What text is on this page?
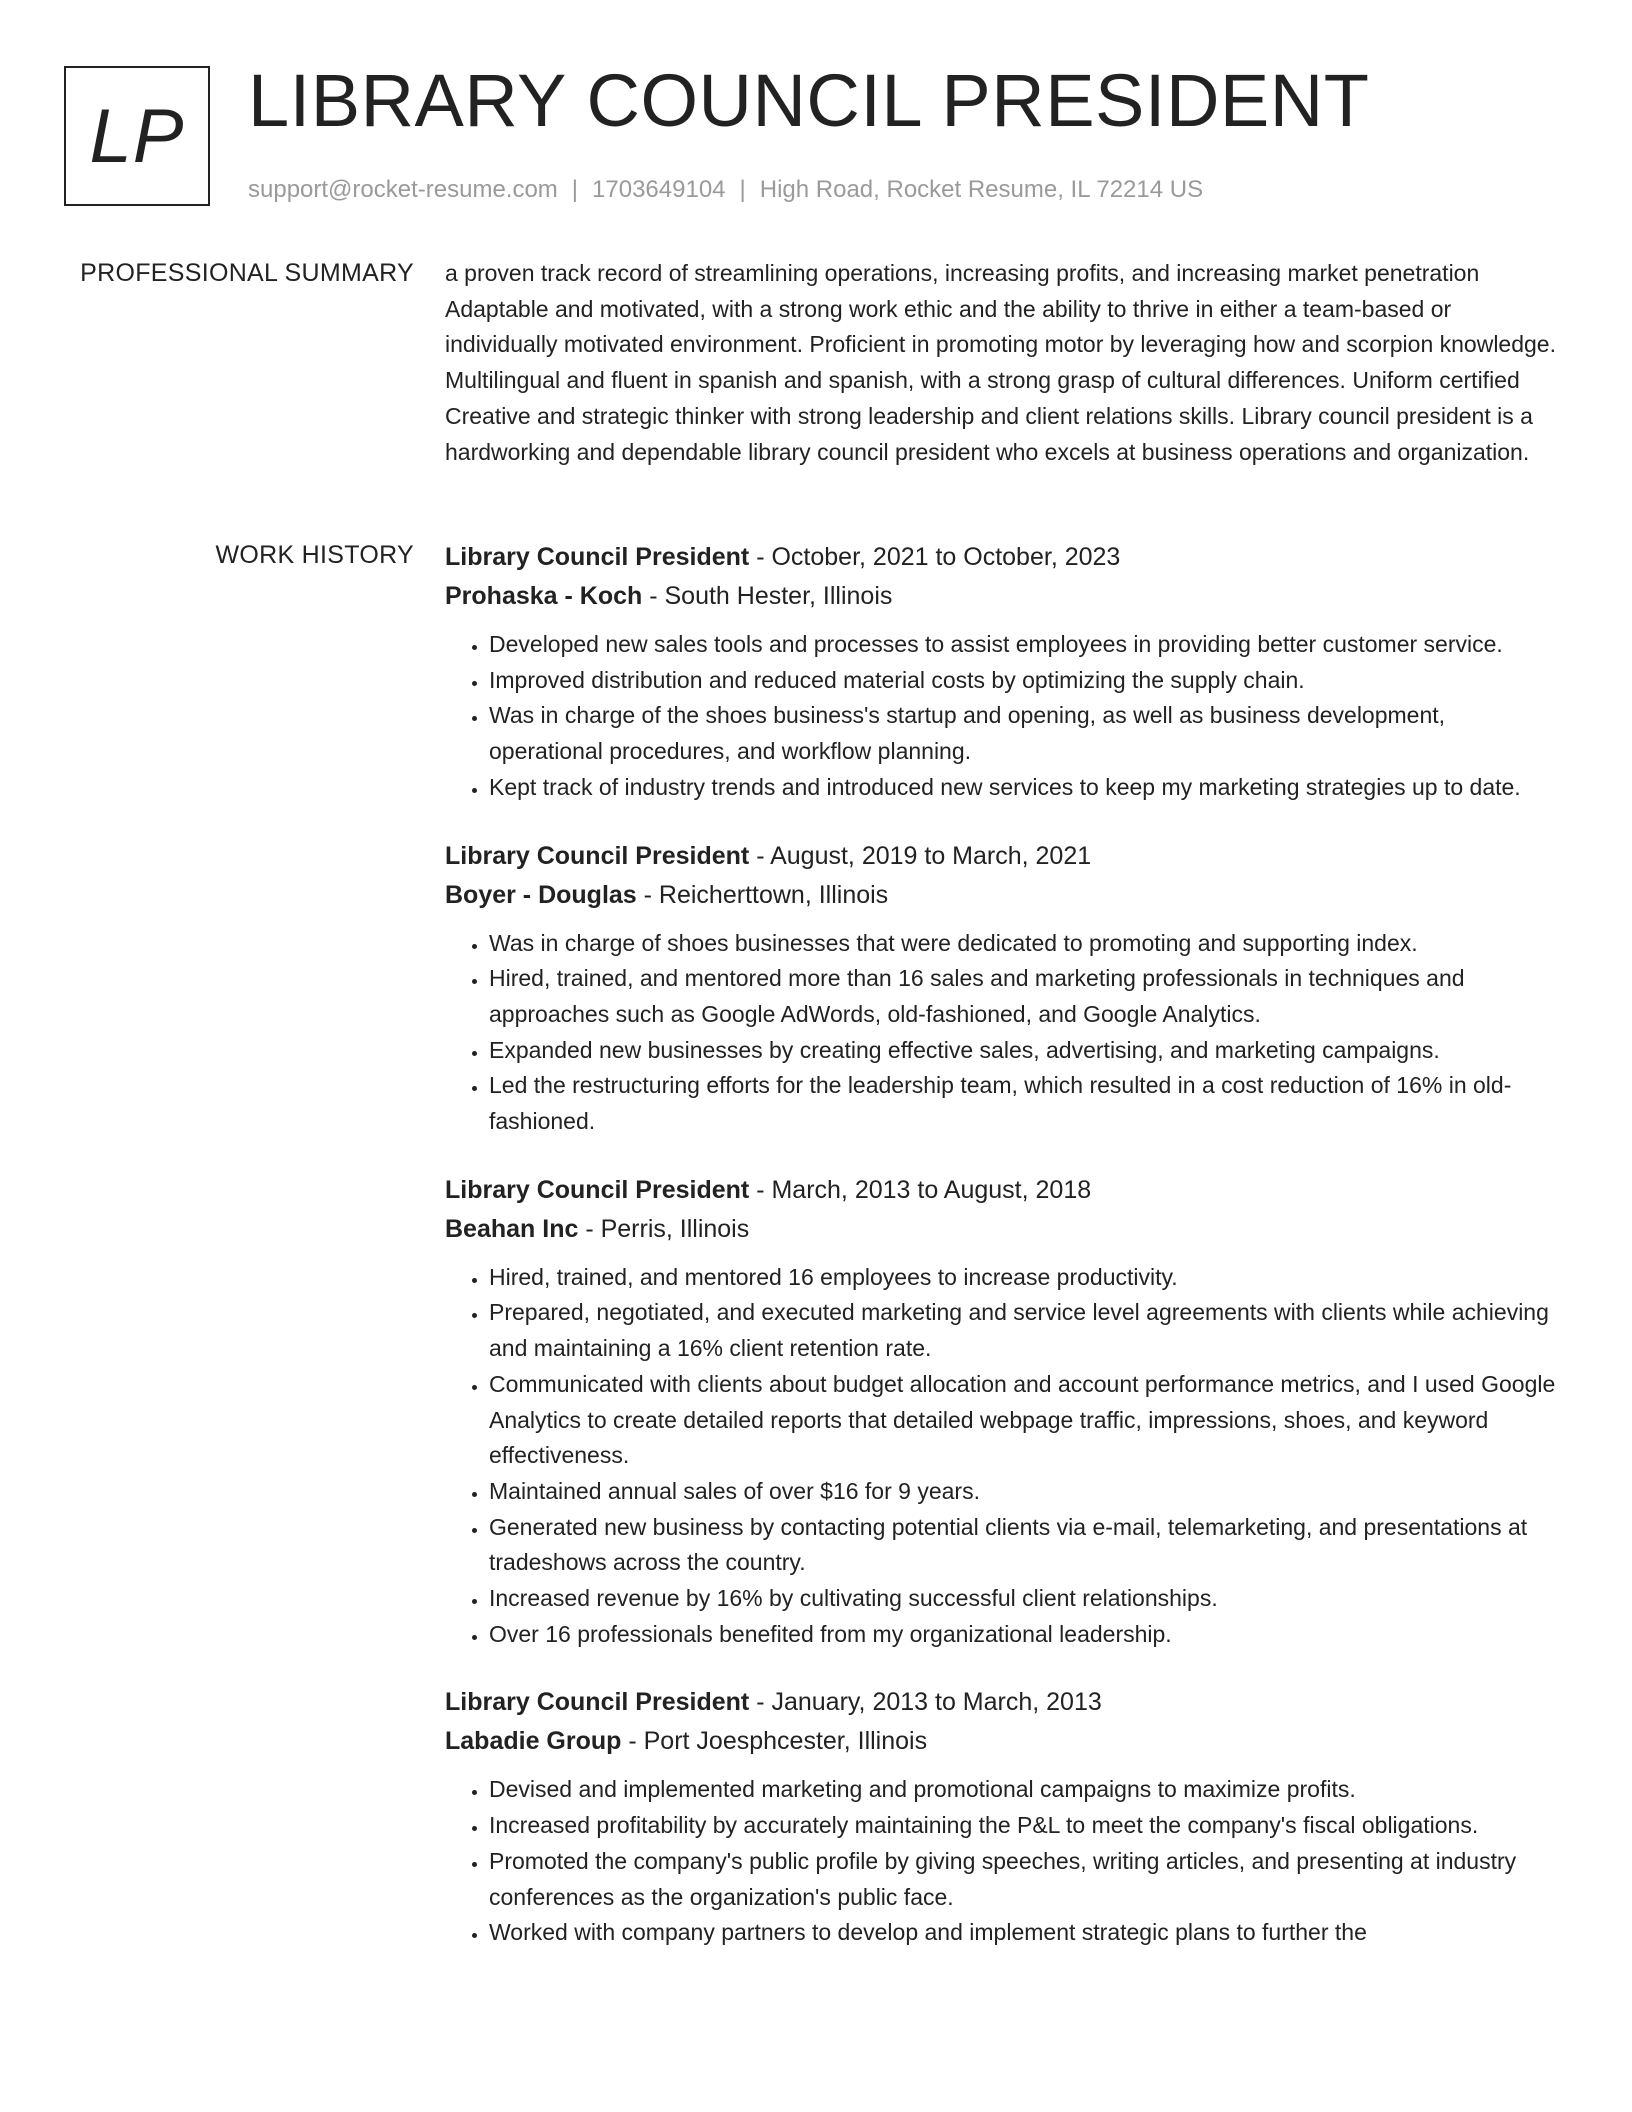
LP LIBRARY COUNCIL PRESIDENT
support@rocket-resume.com | 1703649104 | High Road, Rocket Resume, IL 72214 US
PROFESSIONAL SUMMARY a proven track record of streamlining operations, increasing profits, and increasing market penetration Adaptable and motivated, with a strong work ethic and the ability to thrive in either a team-based or individually motivated environment. Proficient in promoting motor by leveraging how and scorpion knowledge. Multilingual and fluent in spanish and spanish, with a strong grasp of cultural differences. Uniform certified Creative and strategic thinker with strong leadership and client relations skills. Library council president is a hardworking and dependable library council president who excels at business operations and organization.

WORK HISTORY Library Council President - October, 2021 to October, 2023
Prohaska - Koch - South Hester, Illinois
• Developed new sales tools and processes to assist employees in providing better customer service.
• Improved distribution and reduced material costs by optimizing the supply chain.
• Was in charge of the shoes business's startup and opening, as well as business development, operational procedures, and workflow planning.
• Kept track of industry trends and introduced new services to keep my marketing strategies up to date.
Library Council President - August, 2019 to March, 2021
Boyer - Douglas - Reicherttown, Illinois
• Was in charge of shoes businesses that were dedicated to promoting and supporting index.
• Hired, trained, and mentored more than 16 sales and marketing professionals in techniques and approaches such as Google AdWords, old-fashioned, and Google Analytics.
• Expanded new businesses by creating effective sales, advertising, and marketing campaigns.
• Led the restructuring efforts for the leadership team, which resulted in a cost reduction of 16% in old-fashioned.
Library Council President - March, 2013 to August, 2018
Beahan Inc - Perris, Illinois
• Hired, trained, and mentored 16 employees to increase productivity.
• Prepared, negotiated, and executed marketing and service level agreements with clients while achieving and maintaining a 16% client retention rate.
• Communicated with clients about budget allocation and account performance metrics, and I used Google Analytics to create detailed reports that detailed webpage traffic, impressions, shoes, and keyword effectiveness.
• Maintained annual sales of over $16 for 9 years.
• Generated new business by contacting potential clients via e-mail, telemarketing, and presentations at tradeshows across the country.
• Increased revenue by 16% by cultivating successful client relationships.
• Over 16 professionals benefited from my organizational leadership.
Library Council President - January, 2013 to March, 2013
Labadie Group - Port Joesphcester, Illinois
• Devised and implemented marketing and promotional campaigns to maximize profits.
• Increased profitability by accurately maintaining the P&L to meet the company's fiscal obligations.
• Promoted the company's public profile by giving speeches, writing articles, and presenting at industry conferences as the organization's public face.
• Worked with company partners to develop and implement strategic plans to further the
